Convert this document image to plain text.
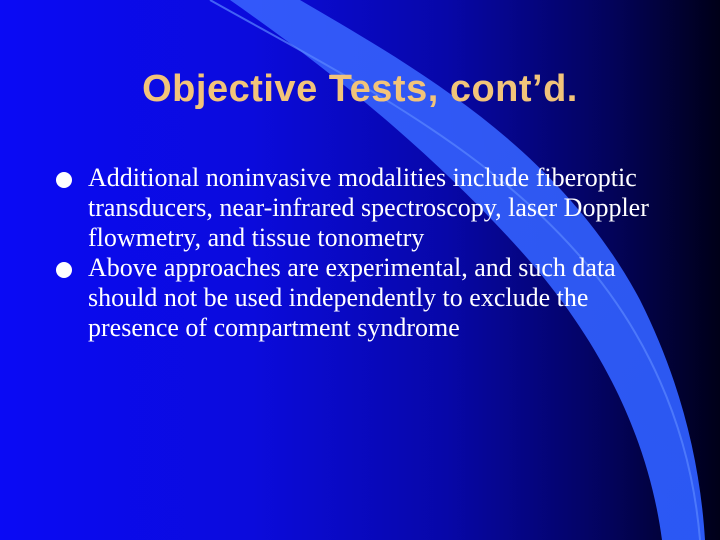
Objective Tests, cont’d.
Additional noninvasive modalities include fiberoptic transducers, near-infrared spectroscopy, laser Doppler flowmetry, and tissue tonometry
Above approaches are experimental, and such data should not be used independently to exclude the presence of compartment syndrome
